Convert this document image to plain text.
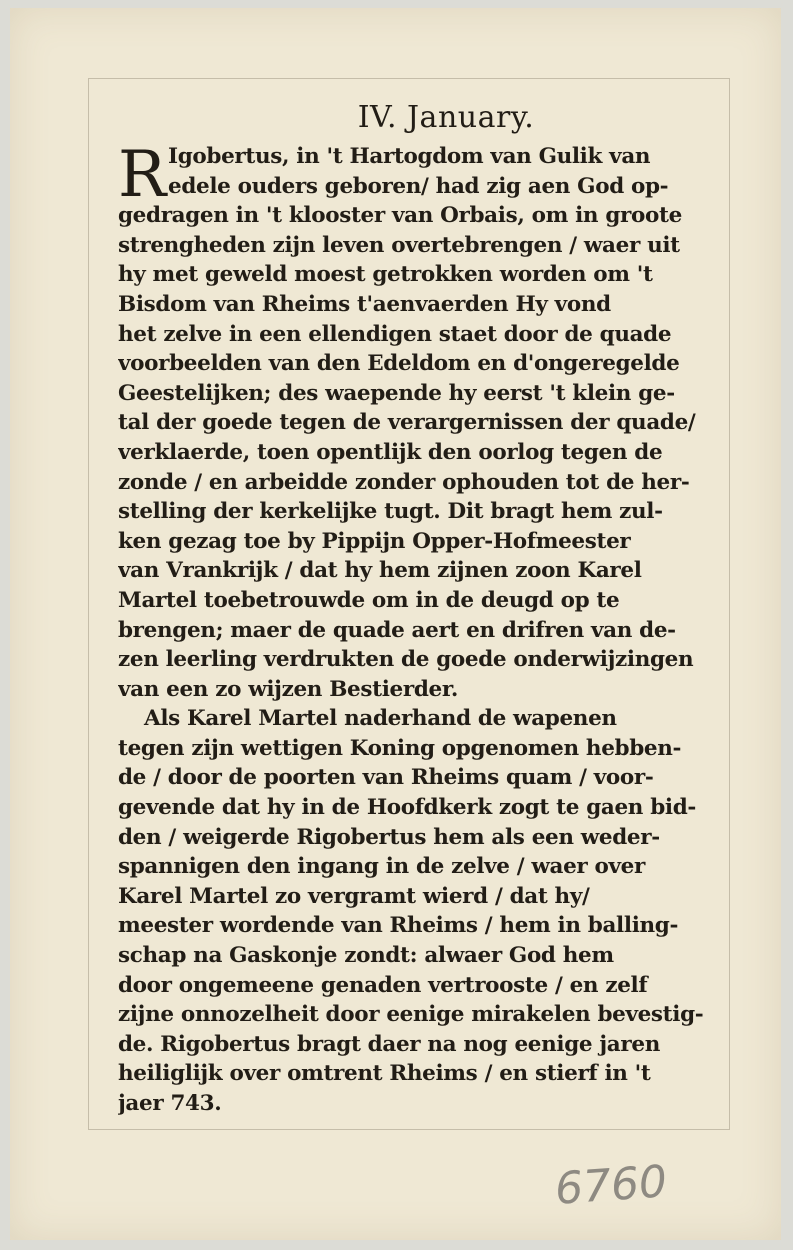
IV. January.
R Igobertus, in 't Hartogdom van Gulik van
edele ouders geboren/ had zig aen God op-
gedragen in 't klooster van Orbais, om in groote
strengheden zijn leven overtebrengen / waer uit
hy met geweld moest getrokken worden om 't
Bisdom van Rheims t'aenvaerden Hy vond
het zelve in een ellendigen staet door de quade
voorbeelden van den Edeldom en d'ongeregelde
Geestelijken; des waepende hy eerst 't klein ge-
tal der goede tegen de verargernissen der quade/
verklaerde, toen opentlijk den oorlog tegen de
zonde / en arbeidde zonder ophouden tot de her-
stelling der kerkelijke tugt. Dit bragt hem zul-
ken gezag toe by Pippijn Opper-Hofmeester
van Vrankrijk / dat hy hem zijnen zoon Karel
Martel toebetrouwde om in de deugd op te
brengen; maer de quade aert en drifren van de-
zen leerling verdrukten de goede onderwijzingen
van een zo wijzen Bestierder.
Als Karel Martel naderhand de wapenen
tegen zijn wettigen Koning opgenomen hebben-
de / door de poorten van Rheims quam / voor-
gevende dat hy in de Hoofdkerk zogt te gaen bid-
den / weigerde Rigobertus hem als een weder-
spannigen den ingang in de zelve / waer over
Karel Martel zo vergramt wierd / dat hy/
meester wordende van Rheims / hem in balling-
schap na Gaskonje zondt: alwaer God hem
door ongemeene genaden vertrooste / en zelf
zijne onnozelheit door eenige mirakelen bevestig-
de. Rigobertus bragt daer na nog eenige jaren
heiliglijk over omtrent Rheims / en stierf in 't
jaer 743.
6760
